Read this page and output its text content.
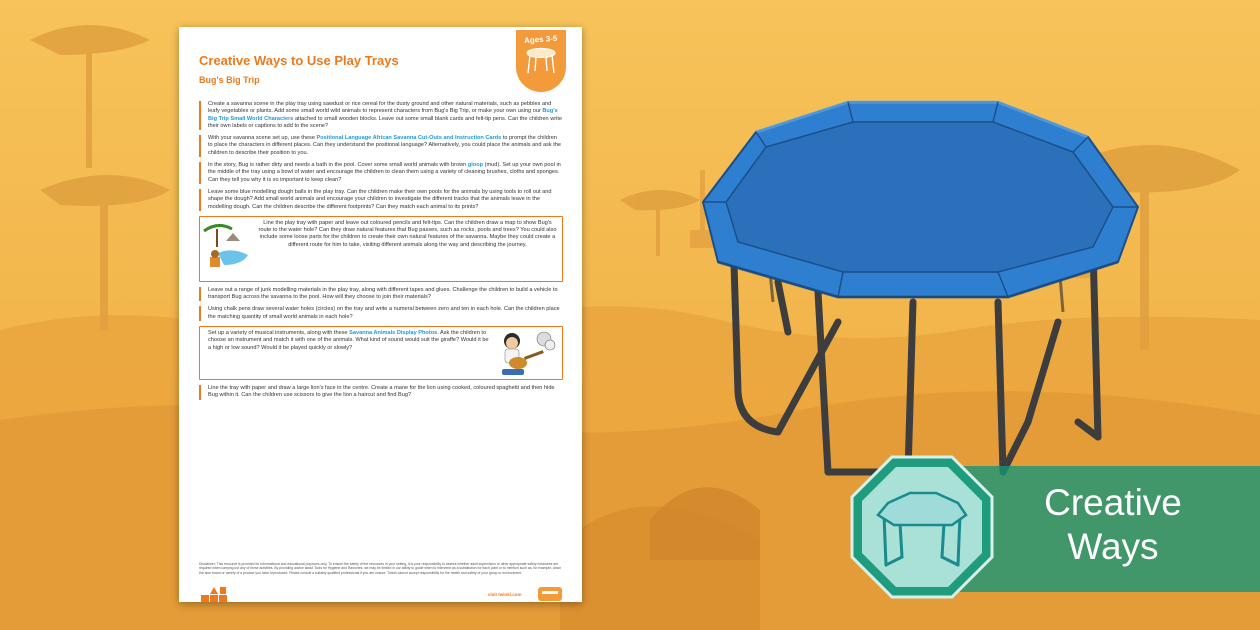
Creative Ways to Use Play Trays
Bug's Big Trip
Ages 3-5
Create a savanna scene in the play tray using sawdust or rice cereal for the dusty ground and other natural materials, such as pebbles and leafy vegetables or plants. Add some small world wild animals to represent characters from Bug's Big Trip, or make your own using our Bug's Big Trip Small World Characters attached to small wooden blocks. Leave out some small blank cards and felt-tip pens. Can the children write their own labels or captions to add to the scene?
With your savanna scene set up, use these Positional Language African Savanna Cut-Outs and Instruction Cards to prompt the children to place the characters in different places. Can they understand the positional language? Alternatively, you could place the animals and ask the children to describe their position to you.
In the story, Bug is rather dirty and needs a bath in the pool. Cover some small world animals with brown gloop (mud). Set up your own pool in the middle of the tray using a bowl of water and encourage the children to clean them using a variety of cleaning brushes, cloths and sponges. Can they tell you why it is so important to keep clean?
Leave some blue modelling dough balls in the play tray. Can the children make their own pools for the animals by using tools to roll out and shape the dough? Add small world animals and encourage your children to investigate the different tracks that the animals leave in the modelling dough. Can the children describe the different footprints? Can they match each animal to its prints?
Line the play tray with paper and leave out coloured pencils and felt-tips. Can the children draw a map to show Bug's route to the water hole? Can they draw natural features that Bug passes, such as rocks, pools and trees? You could also include some loose parts for the children to create their own natural features of the savanna. Maybe they could create a different route for him to take, visiting different animals along the way and describing the journey.
Leave out a range of junk modelling materials in the play tray, along with different tapes and glues. Challenge the children to build a vehicle to transport Bug across the savanna to the pool. How will they choose to join their materials?
Using chalk pens draw several water holes (circles) on the tray and write a numeral between zero and ten in each hole. Can the children place the matching quantity of small world animals in each hole?
Set up a variety of musical instruments, along with these Savanna Animals Display Photos. Ask the children to choose an instrument and match it with one of the animals. What kind of sound would suit the giraffe? Would it be a high or low sound? Would it be played quickly or slowly?
Line the tray with paper and draw a large lion's face in the centre. Create a mane for the lion using cooked, coloured spaghetti and then hide Bug within it. Can the children use scissors to give the lion a haircut and find Bug?
Disclaimer: This resource is provided for informational and educational purposes only. To ensure the safety of the resources in your setting, it is your responsibility to assess whether adult supervision or other appropriate safety measures are required when carrying out any of these activities. By providing advice about Tools for Hygiene and Ramones, we may be limited in our ability to guide when to intervene as a substitution for each point or to mention such as, for example, down the aloe brand or variety of a product you have reproduced. Please consult a suitably qualified professional if you are unsure. Twinkl cannot accept responsibility for the health and safety of your group or environment.
visit twinkl.com
Creative
Ways
